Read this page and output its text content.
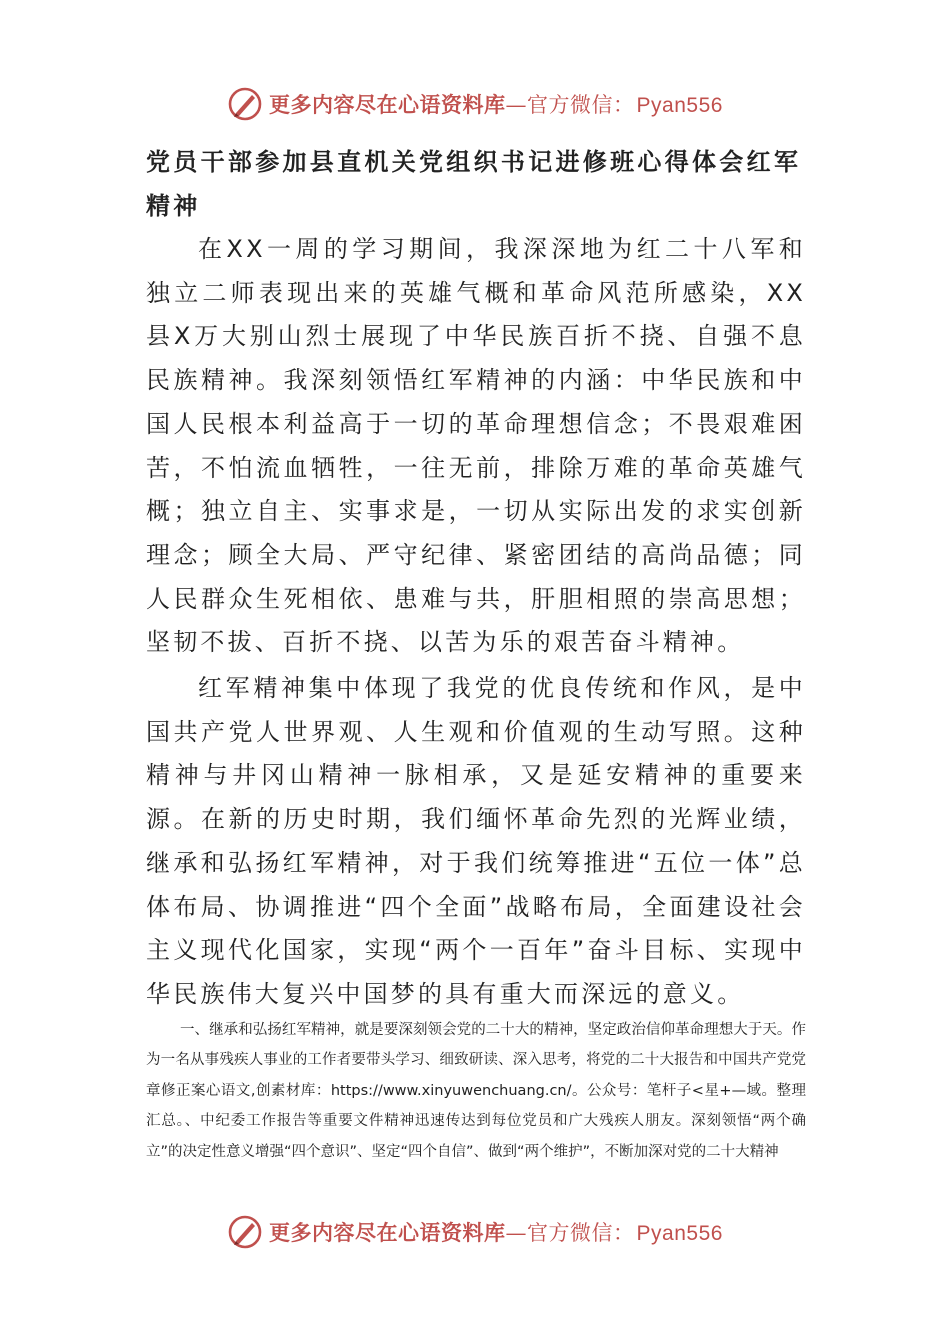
更多内容尽在心语资料库—官方微信：Pyan556
党员干部参加县直机关党组织书记进修班心得体会红军精神

在XX一周的学习期间，我深深地为红二十八军和独立二师表现出来的英雄气概和革命风范所感染，XX县X万大别山烈士展现了中华民族百折不挠、自强不息民族精神。我深刻领悟红军精神的内涵：中华民族和中国人民根本利益高于一切的革命理想信念；不畏艰难困苦，不怕流血牺牲，一往无前，排除万难的革命英雄气概；独立自主、实事求是，一切从实际出发的求实创新理念；顾全大局、严守纪律、紧密团结的高尚品德；同人民群众生死相依、患难与共，肝胆相照的崇高思想；坚韧不拔、百折不挠、以苦为乐的艰苦奋斗精神。

红军精神集中体现了我党的优良传统和作风，是中国共产党人世界观、人生观和价值观的生动写照。这种精神与井冈山精神一脉相承，又是延安精神的重要来源。在新的历史时期，我们缅怀革命先烈的光辉业绩，继承和弘扬红军精神，对于我们统筹推进“五位一体”总体布局、协调推进“四个全面”战略布局，全面建设社会主义现代化国家，实现“两个一百年”奋斗目标、实现中华民族伟大复兴中国梦的具有重大而深远的意义。

一、继承和弘扬红军精神，就是要深刻领会党的二十大的精神，坚定政治信仰革命理想大于天。作为一名从事残疾人事业的工作者要带头学习、细致研读、深入思考，将党的二十大报告和中国共产党党章修正案心语文,创素材库：https://www.xinyuwenchuang.cn/。公众号：笔杆子<星+—域。整理汇总。、中纪委工作报告等重要文件精神迅速传达到每位党员和广大残疾人朋友。深刻领悟“两个确立”的决定性意义增强“四个意识”、坚定“四个自信”、做到“两个维护”，不断加深对党的二十大精神

更多内容尽在心语资料库—官方微信：Pyan556
